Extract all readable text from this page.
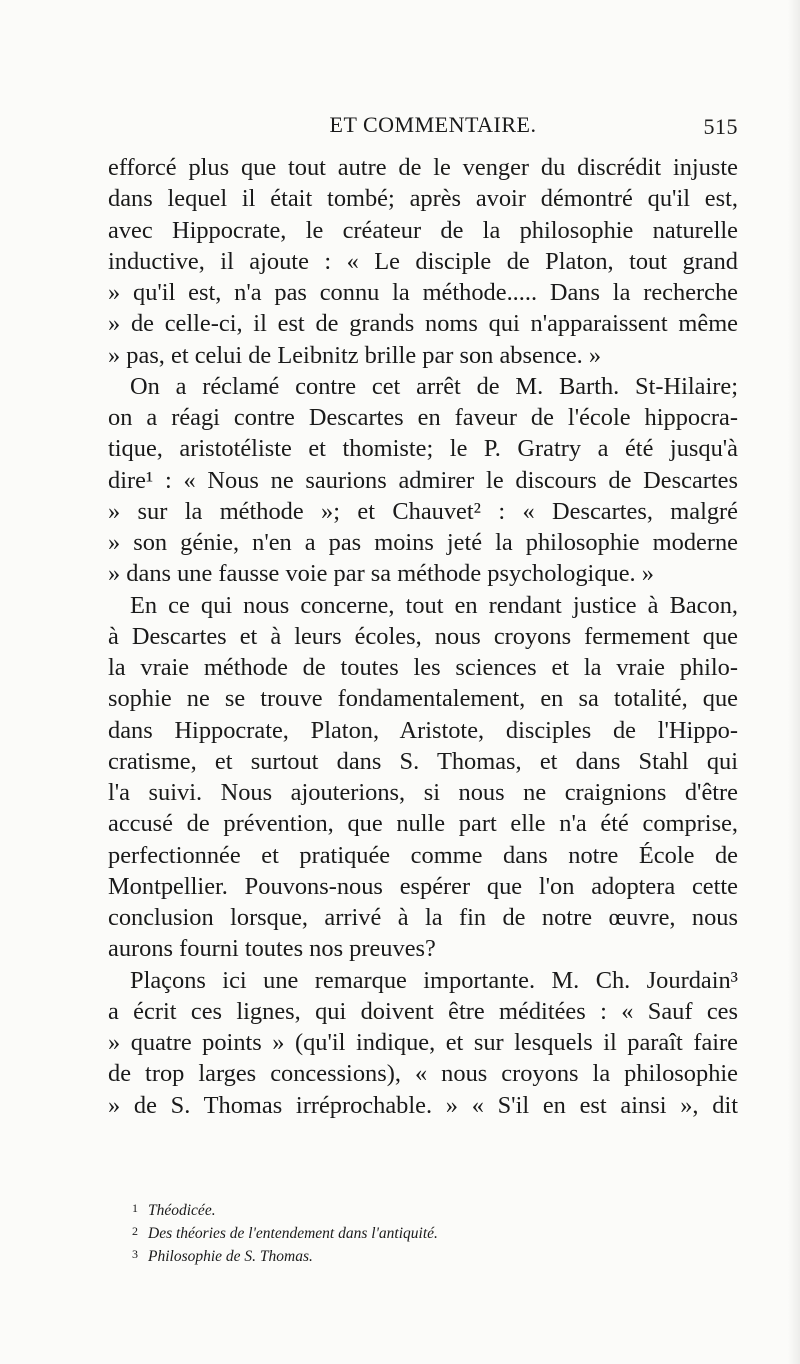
ET COMMENTAIRE.	515
efforcé plus que tout autre de le venger du discrédit injuste
dans lequel il était tombé; après avoir démontré qu'il est,
avec Hippocrate, le créateur de la philosophie naturelle
inductive, il ajoute : « Le disciple de Platon, tout grand
» qu'il est, n'a pas connu la méthode..... Dans la recherche
» de celle-ci, il est de grands noms qui n'apparaissent même
» pas, et celui de Leibnitz brille par son absence. »
On a réclamé contre cet arrêt de M. Barth. St-Hilaire;
on a réagi contre Descartes en faveur de l'école hippocra-
tique, aristotéliste et thomiste; le P. Gratry a été jusqu'à
dire¹ : « Nous ne saurions admirer le discours de Descartes
» sur la méthode »; et Chauvet² : « Descartes, malgré
» son génie, n'en a pas moins jeté la philosophie moderne
» dans une fausse voie par sa méthode psychologique. »
En ce qui nous concerne, tout en rendant justice à Bacon,
à Descartes et à leurs écoles, nous croyons fermement que
la vraie méthode de toutes les sciences et la vraie philo-
sophie ne se trouve fondamentalement, en sa totalité, que
dans Hippocrate, Platon, Aristote, disciples de l'Hippo-
cratisme, et surtout dans S. Thomas, et dans Stahl qui
l'a suivi. Nous ajouterions, si nous ne craignions d'être
accusé de prévention, que nulle part elle n'a été comprise,
perfectionnée et pratiquée comme dans notre École de
Montpellier. Pouvons-nous espérer que l'on adoptera cette
conclusion lorsque, arrivé à la fin de notre œuvre, nous
aurons fourni toutes nos preuves?
Plaçons ici une remarque importante. M. Ch. Jourdain³
a écrit ces lignes, qui doivent être méditées : « Sauf ces
» quatre points » (qu'il indique, et sur lesquels il paraît faire
de trop larges concessions), « nous croyons la philosophie
» de S. Thomas irréprochable. » « S'il en est ainsi », dit
1 Théodicée.
2 Des théories de l'entendement dans l'antiquité.
3 Philosophie de S. Thomas.
